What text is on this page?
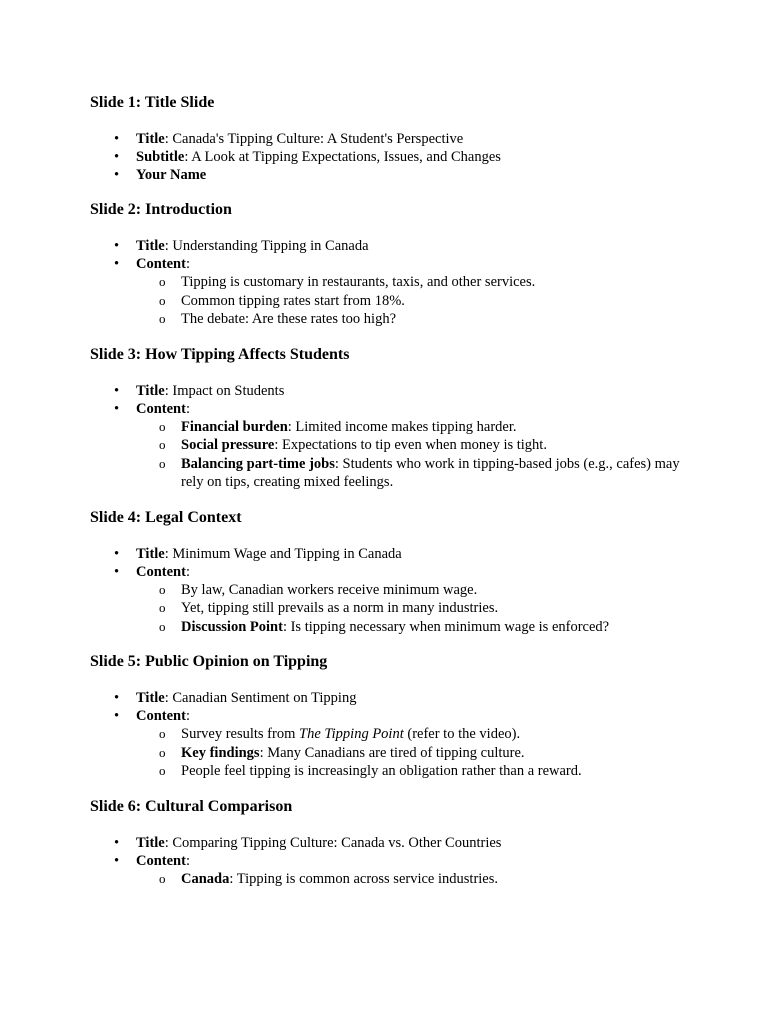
Slide 1: Title Slide
• Title: Canada's Tipping Culture: A Student's Perspective
• Subtitle: A Look at Tipping Expectations, Issues, and Changes
• Your Name
Slide 2: Introduction
• Title: Understanding Tipping in Canada
• Content:
o Tipping is customary in restaurants, taxis, and other services.
o Common tipping rates start from 18%.
o The debate: Are these rates too high?
Slide 3: How Tipping Affects Students
• Title: Impact on Students
• Content:
o Financial burden: Limited income makes tipping harder.
o Social pressure: Expectations to tip even when money is tight.
o Balancing part-time jobs: Students who work in tipping-based jobs (e.g., cafes) may rely on tips, creating mixed feelings.
Slide 4: Legal Context
• Title: Minimum Wage and Tipping in Canada
• Content:
o By law, Canadian workers receive minimum wage.
o Yet, tipping still prevails as a norm in many industries.
o Discussion Point: Is tipping necessary when minimum wage is enforced?
Slide 5: Public Opinion on Tipping
• Title: Canadian Sentiment on Tipping
• Content:
o Survey results from The Tipping Point (refer to the video).
o Key findings: Many Canadians are tired of tipping culture.
o People feel tipping is increasingly an obligation rather than a reward.
Slide 6: Cultural Comparison
• Title: Comparing Tipping Culture: Canada vs. Other Countries
• Content:
o Canada: Tipping is common across service industries.
